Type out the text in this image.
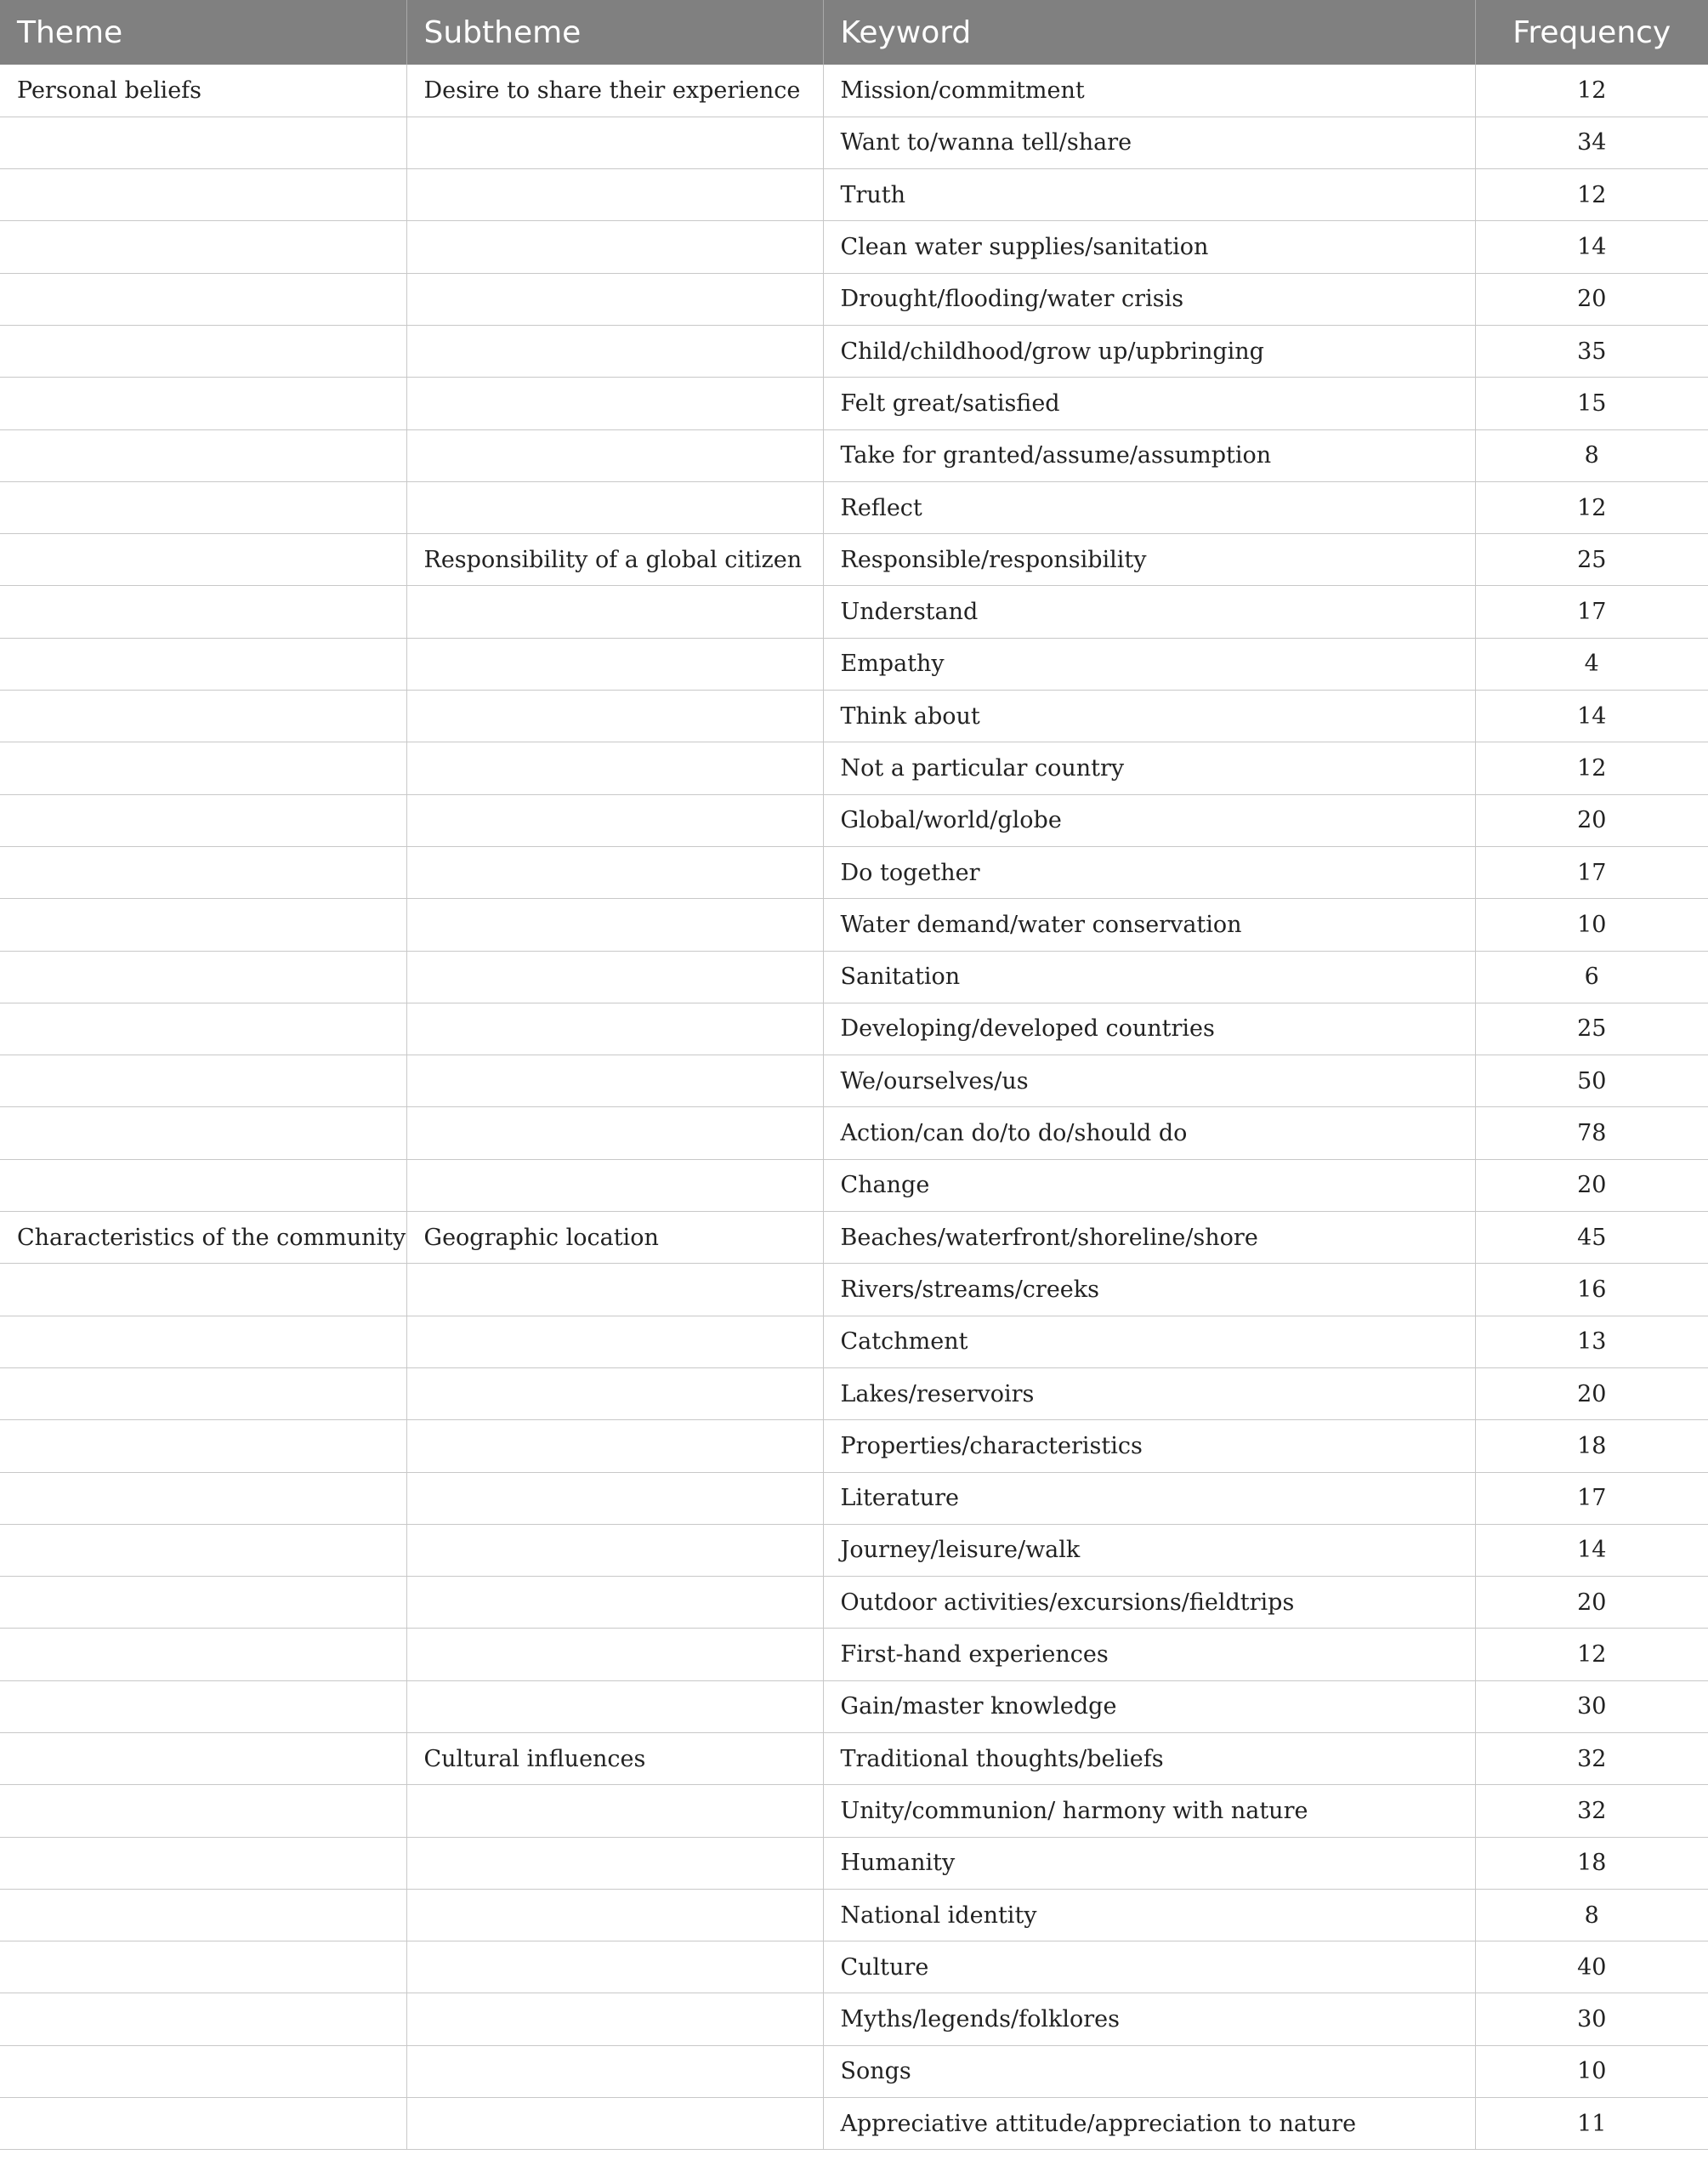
Theme	Subtheme	Keyword	Frequency
Personal beliefs	Desire to share their experience	Mission/commitment	12
		Want to/wanna tell/share	34
		Truth	12
		Clean water supplies/sanitation	14
		Drought/flooding/water crisis	20
		Child/childhood/grow up/upbringing	35
		Felt great/satisfied	15
		Take for granted/assume/assumption	8
		Reflect	12
	Responsibility of a global citizen	Responsible/responsibility	25
		Understand	17
		Empathy	4
		Think about	14
		Not a particular country	12
		Global/world/globe	20
		Do together	17
		Water demand/water conservation	10
		Sanitation	6
		Developing/developed countries	25
		We/ourselves/us	50
		Action/can do/to do/should do	78
		Change	20
Characteristics of the community	Geographic location	Beaches/waterfront/shoreline/shore	45
		Rivers/streams/creeks	16
		Catchment	13
		Lakes/reservoirs	20
		Properties/characteristics	18
		Literature	17
		Journey/leisure/walk	14
		Outdoor activities/excursions/fieldtrips	20
		First-hand experiences	12
		Gain/master knowledge	30
	Cultural influences	Traditional thoughts/beliefs	32
		Unity/communion/ harmony with nature	32
		Humanity	18
		National identity	8
		Culture	40
		Myths/legends/folklores	30
		Songs	10
		Appreciative attitude/appreciation to nature	11
